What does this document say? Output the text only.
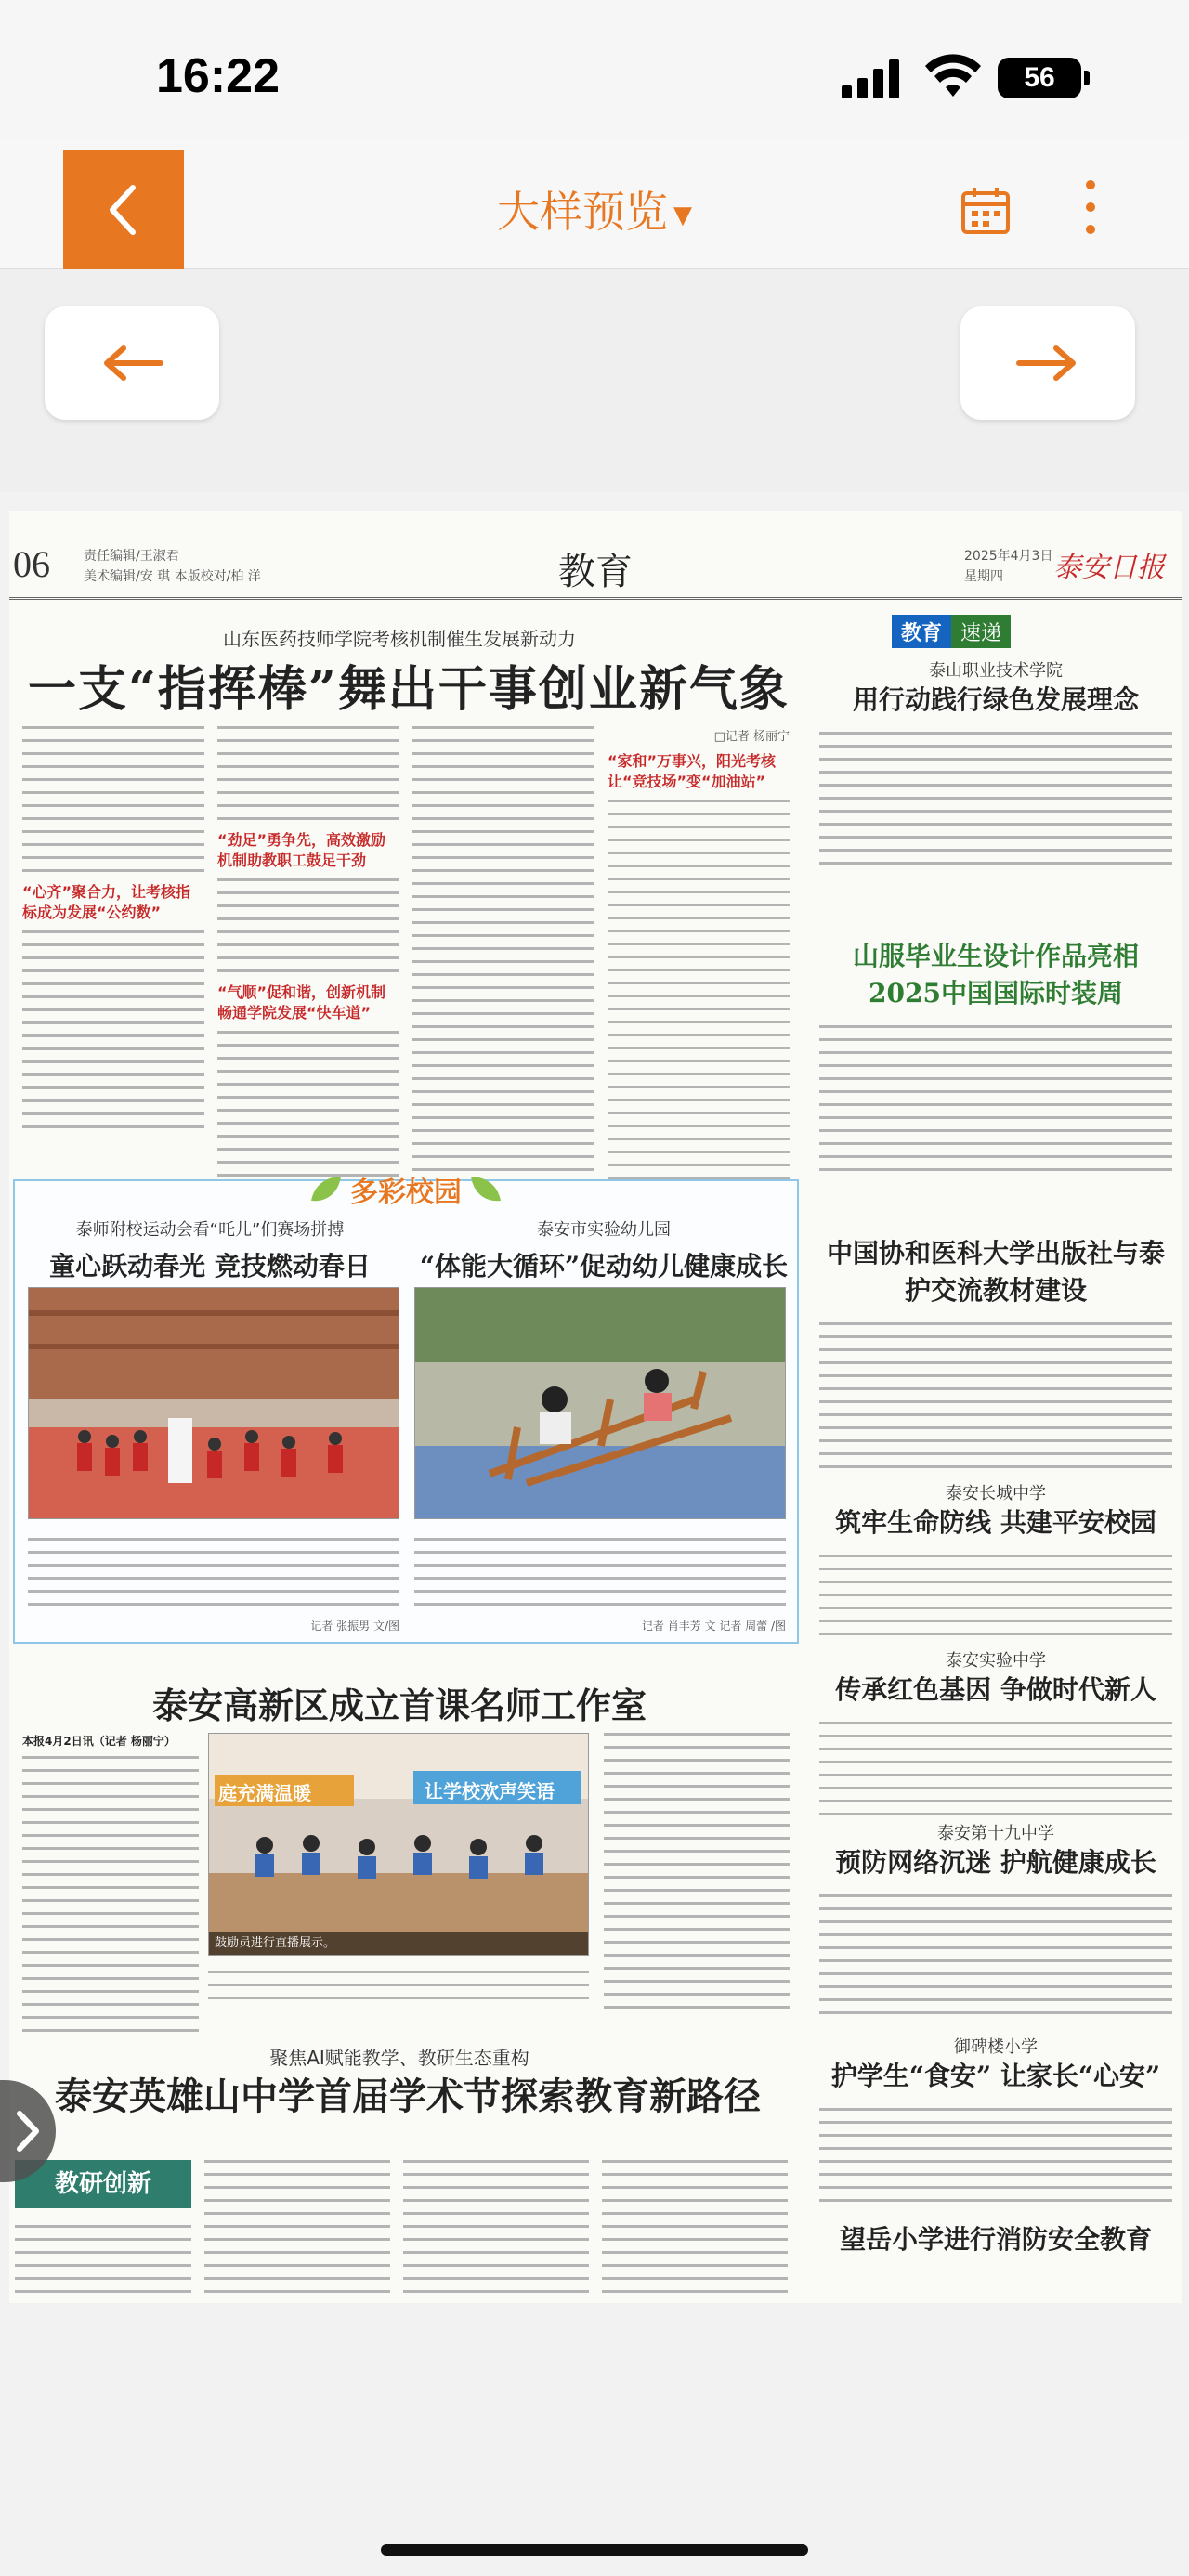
16:22	56
大样预览 ▼
06	责任编辑/王淑君
美术编辑/安 琪 本版校对/柏 洋	教育	2025年4月3日
星期四	泰安日报
山东医药技师学院考核机制催生发展新动力
一支“指挥棒”舞出干事创业新气象
“心齐”聚合力，让考核指标成为发展“公约数”
“劲足”勇争先，高效激励机制助教职工鼓足干劲
“气顺”促和谐，创新机制畅通学院发展“快车道”
□记者 杨丽宁
“家和”万事兴，阳光考核让“竞技场”变“加油站”
教育 速递
泰山职业技术学院
用行动践行绿色发展理念
山服毕业生设计作品亮相2025中国国际时装周
中国协和医科大学出版社与泰护交流教材建设
泰安长城中学
筑牢生命防线 共建平安校园
泰安实验中学
传承红色基因 争做时代新人
泰安第十九中学
预防网络沉迷 护航健康成长
御碑楼小学
护学生“食安” 让家长“心安”
望岳小学进行消防安全教育
多彩校园
泰师附校运动会看“吒儿”们赛场拼搏
童心跃动春光 竞技燃动春日
泰安市实验幼儿园
“体能大循环”促动幼儿健康成长
记者 张振男 文/图	记者 肖丰芳 文 记者 周蕾 /图
泰安高新区成立首课名师工作室
本报4月2日讯（记者 杨丽宁）
庭充满温暖	让学校欢声笑语
鼓励员进行直播展示。
聚焦AI赋能教学、教研生态重构
泰安英雄山中学首届学术节探索教育新路径
教研创新
